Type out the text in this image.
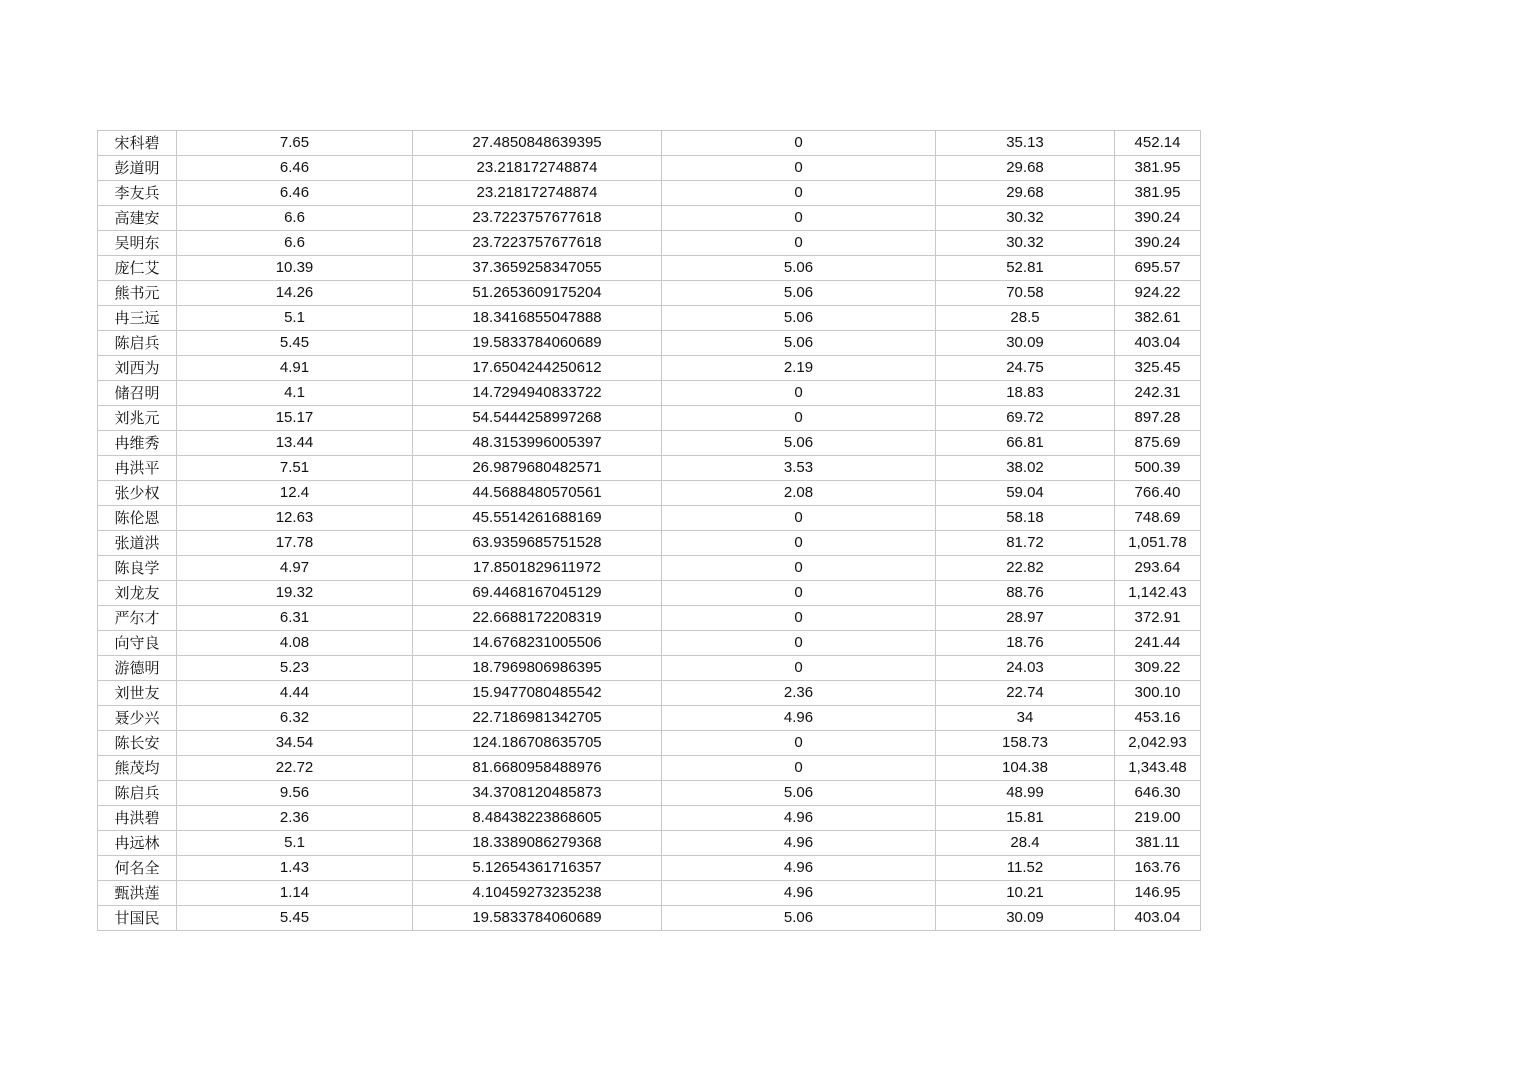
宋科碧	7.65	27.4850848639395	0	35.13	452.14
彭道明	6.46	23.218172748874	0	29.68	381.95
李友兵	6.46	23.218172748874	0	29.68	381.95
高建安	6.6	23.7223757677618	0	30.32	390.24
吴明东	6.6	23.7223757677618	0	30.32	390.24
庞仁艾	10.39	37.3659258347055	5.06	52.81	695.57
熊书元	14.26	51.2653609175204	5.06	70.58	924.22
冉三远	5.1	18.3416855047888	5.06	28.5	382.61
陈启兵	5.45	19.5833784060689	5.06	30.09	403.04
刘西为	4.91	17.6504244250612	2.19	24.75	325.45
储召明	4.1	14.7294940833722	0	18.83	242.31
刘兆元	15.17	54.5444258997268	0	69.72	897.28
冉维秀	13.44	48.3153996005397	5.06	66.81	875.69
冉洪平	7.51	26.9879680482571	3.53	38.02	500.39
张少权	12.4	44.5688480570561	2.08	59.04	766.40
陈伦恩	12.63	45.5514261688169	0	58.18	748.69
张道洪	17.78	63.9359685751528	0	81.72	1,051.78
陈良学	4.97	17.8501829611972	0	22.82	293.64
刘龙友	19.32	69.4468167045129	0	88.76	1,142.43
严尔才	6.31	22.6688172208319	0	28.97	372.91
向守良	4.08	14.6768231005506	0	18.76	241.44
游德明	5.23	18.7969806986395	0	24.03	309.22
刘世友	4.44	15.9477080485542	2.36	22.74	300.10
聂少兴	6.32	22.7186981342705	4.96	34	453.16
陈长安	34.54	124.186708635705	0	158.73	2,042.93
熊茂均	22.72	81.6680958488976	0	104.38	1,343.48
陈启兵	9.56	34.3708120485873	5.06	48.99	646.30
冉洪碧	2.36	8.48438223868605	4.96	15.81	219.00
冉远林	5.1	18.3389086279368	4.96	28.4	381.11
何名全	1.43	5.12654361716357	4.96	11.52	163.76
甄洪莲	1.14	4.10459273235238	4.96	10.21	146.95
甘国民	5.45	19.5833784060689	5.06	30.09	403.04
